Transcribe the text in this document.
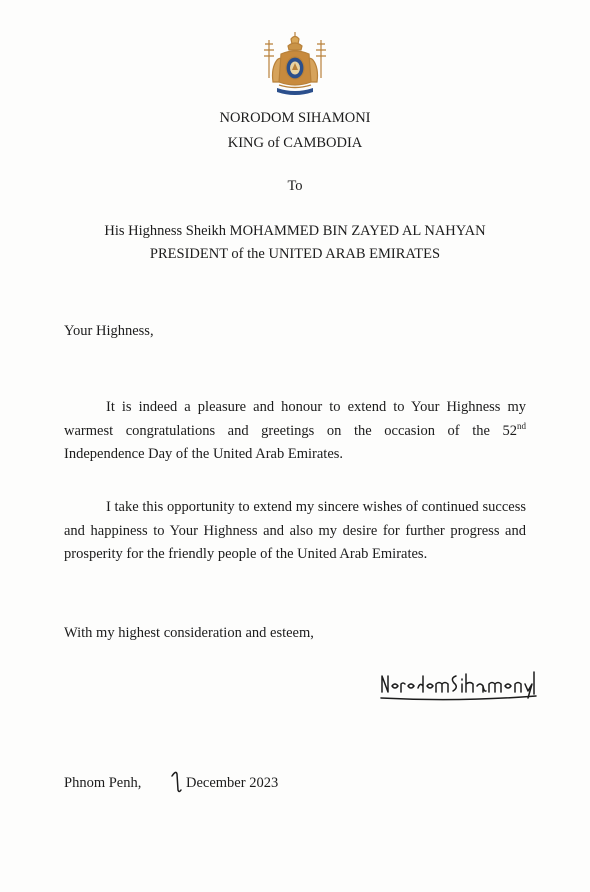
NORODOM SIHAMONI
KING of CAMBODIA
To
His Highness Sheikh MOHAMMED BIN ZAYED AL NAHYAN
PRESIDENT of the UNITED ARAB EMIRATES
Your Highness,
It is indeed a pleasure and honour to extend to Your Highness my warmest congratulations and greetings on the occasion of the 52nd Independence Day of the United Arab Emirates.
I take this opportunity to extend my sincere wishes of continued success and happiness to Your Highness and also my desire for further progress and prosperity for the friendly people of the United Arab Emirates.
With my highest consideration and esteem,
Phnom Penh,	December 2023
